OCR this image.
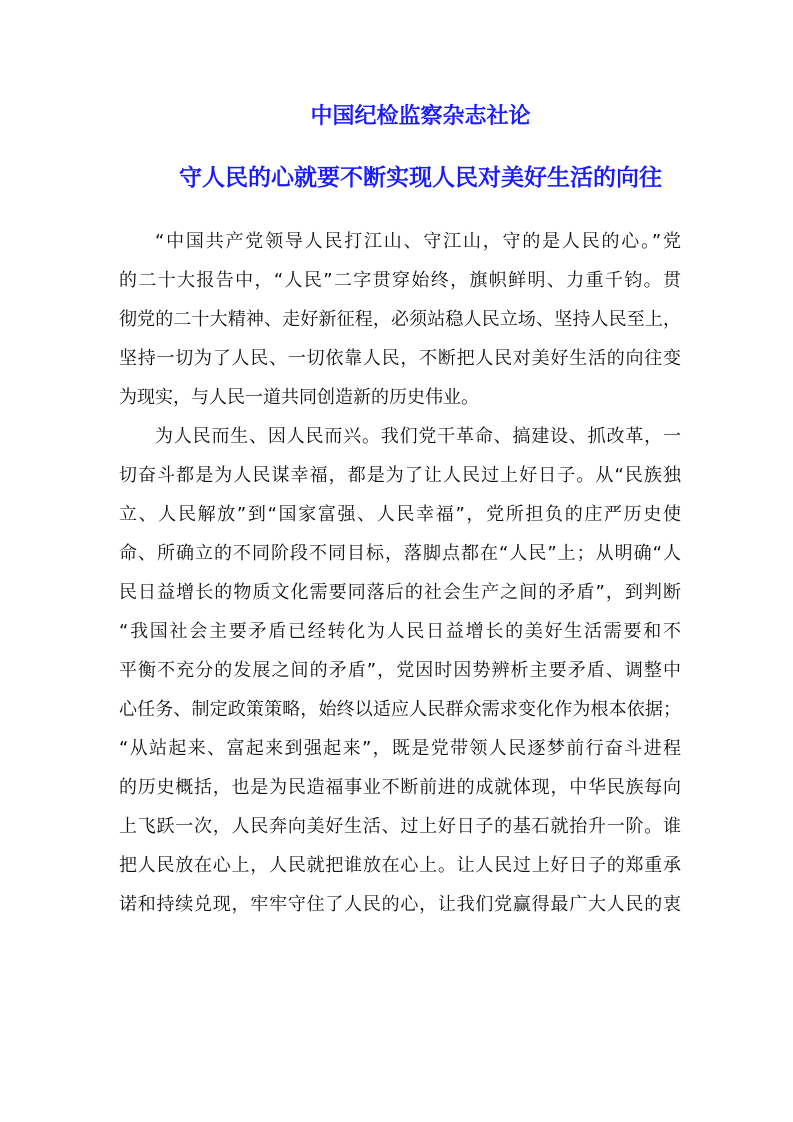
中国纪检监察杂志社论
守人民的心就要不断实现人民对美好生活的向往

“中国共产党领导人民打江山、守江山，守的是人民的心。”党

的二十大报告中，“人民”二字贯穿始终，旗帜鲜明、力重千钧。贯

彻党的二十大精神、走好新征程，必须站稳人民立场、坚持人民至上，

坚持一切为了人民、一切依靠人民，不断把人民对美好生活的向往变

为现实，与人民一道共同创造新的历史伟业。

为人民而生、因人民而兴。我们党干革命、搞建设、抓改革，一

切奋斗都是为人民谋幸福，都是为了让人民过上好日子。从“民族独

立、人民解放”到“国家富强、人民幸福”，党所担负的庄严历史使

命、所确立的不同阶段不同目标，落脚点都在“人民”上；从明确“人

民日益增长的物质文化需要同落后的社会生产之间的矛盾”，到判断

“我国社会主要矛盾已经转化为人民日益增长的美好生活需要和不

平衡不充分的发展之间的矛盾”，党因时因势辨析主要矛盾、调整中

心任务、制定政策策略，始终以适应人民群众需求变化作为根本依据；

“从站起来、富起来到强起来”，既是党带领人民逐梦前行奋斗进程

的历史概括，也是为民造福事业不断前进的成就体现，中华民族每向

上飞跃一次，人民奔向美好生活、过上好日子的基石就抬升一阶。谁

把人民放在心上，人民就把谁放在心上。让人民过上好日子的郑重承

诺和持续兑现，牢牢守住了人民的心，让我们党赢得最广大人民的衷
